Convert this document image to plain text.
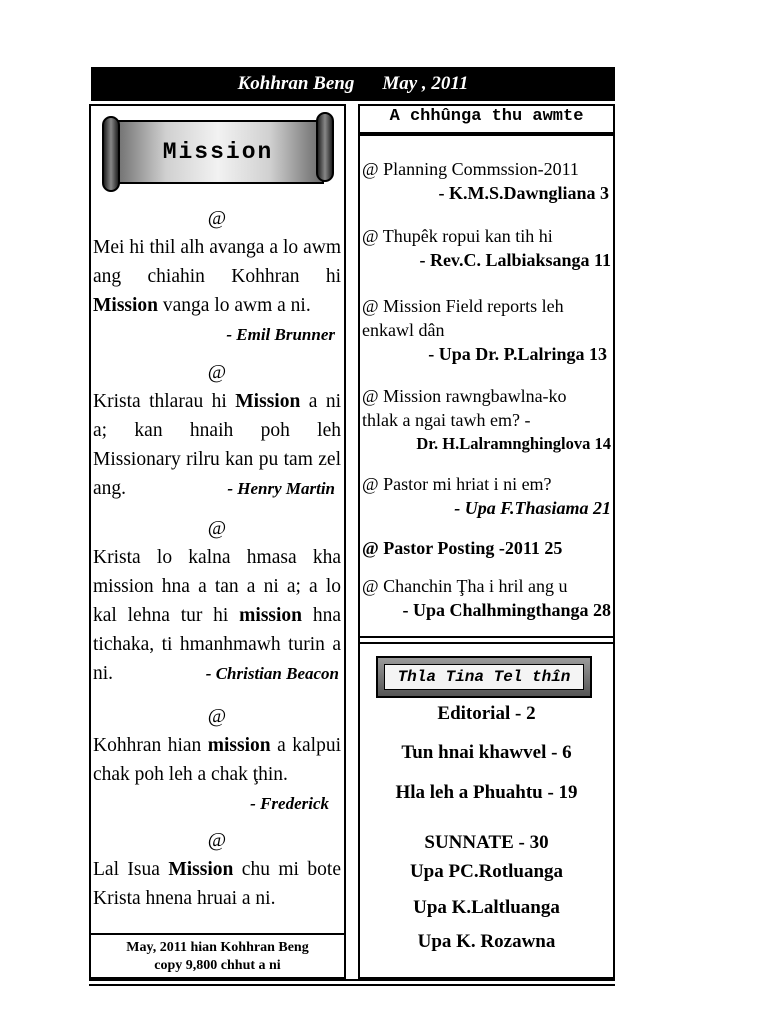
Kohhran Beng May , 2011
Mission
@
Mei hi thil alh avanga a lo awm ang chiahin Kohhran hi Mission vanga lo awm a ni.
- Emil Brunner
@
Krista thlarau hi Mission a ni a; kan hnaih poh leh Missionary rilru kan pu tam zel ang.	- Henry Martin
@
Krista lo kalna hmasa kha mission hna a tan a ni a; a lo kal lehna tur hi mission hna tichaka, ti hmanhmawh turin a ni.	- Christian Beacon
@
Kohhran hian mission a kalpui chak poh leh a chak ţhin.
- Frederick
@
Lal Isua Mission chu mi bote Krista hnena hruai a ni.
May, 2011 hian Kohhran Beng
copy 9,800 chhut a ni
A chhûnga thu awmte
@ Planning Commssion-2011
- K.M.S.Dawngliana 3
@ Thupêk ropui kan tih hi
- Rev.C. Lalbiaksanga 11
@ Mission Field reports leh enkawl dân
- Upa Dr. P.Lalringa 13
@ Mission rawngbawlna-ko thlak a ngai tawh em? -
Dr. H.Lalramnghinglova 14
@ Pastor mi hriat i ni em?
- Upa F.Thasiama 21
@ Pastor Posting -2011 25
@ Chanchin Ţha i hril ang u
- Upa Chalhmingthanga 28
Thla Tina Tel thîn
Editorial - 2
Tun hnai khawvel - 6
Hla leh a Phuahtu - 19
SUNNATE - 30
Upa PC.Rotluanga
Upa K.Laltluanga
Upa K. Rozawna
